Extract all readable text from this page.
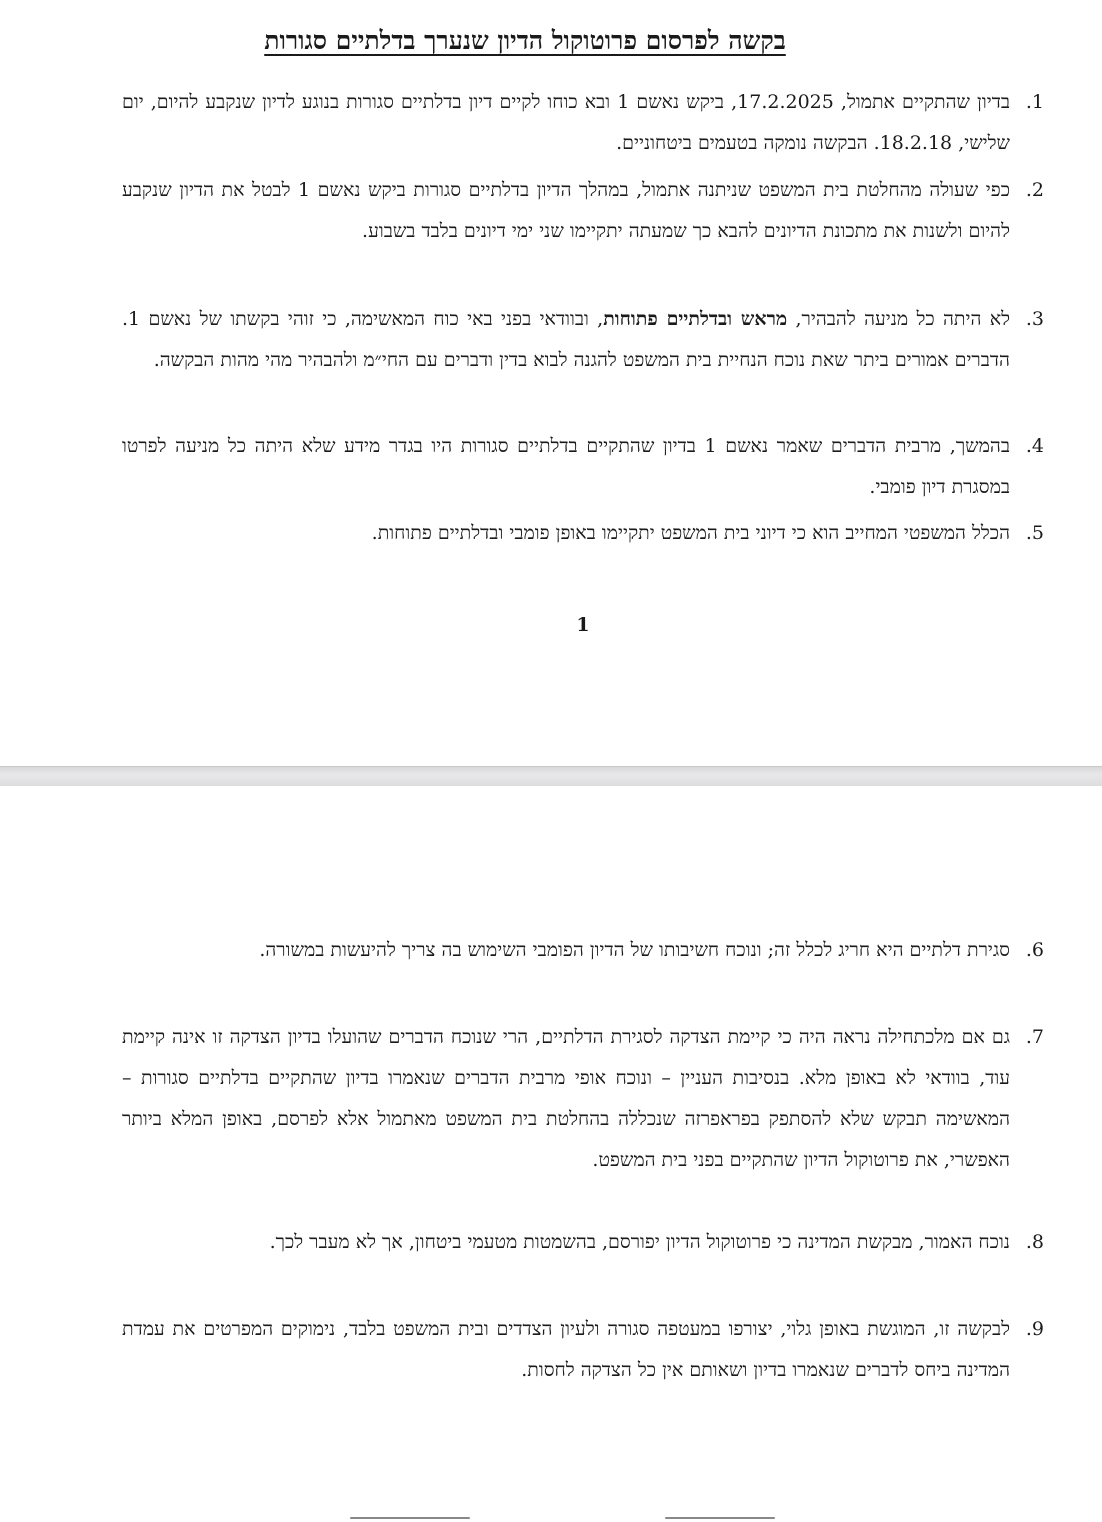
בקשה לפרסום פרוטוקול הדיון שנערך בדלתיים סגורות
1.
בדיון שהתקיים אתמול, 17.2.2025, ביקש נאשם 1 ובא כוחו לקיים דיון בדלתיים סגורות בנוגע לדיון שנקבע להיום, יום שלישי, 18.2.18. הבקשה נומקה בטעמים ביטחוניים.
2.
כפי שעולה מהחלטת בית המשפט שניתנה אתמול, במהלך הדיון בדלתיים סגורות ביקש נאשם 1 לבטל את הדיון שנקבע להיום ולשנות את מתכונת הדיונים להבא כך שמעתה יתקיימו שני ימי דיונים בלבד בשבוע.
3.
לא היתה כל מניעה להבהיר, מראש ובדלתיים פתוחות, ובוודאי בפני באי כוח המאשימה, כי זוהי בקשתו של נאשם 1. הדברים אמורים ביתר שאת נוכח הנחיית בית המשפט להגנה לבוא בדין ודברים עם החי״מ ולהבהיר מהי מהות הבקשה.
4.
בהמשך, מרבית הדברים שאמר נאשם 1 בדיון שהתקיים בדלתיים סגורות היו בגדר מידע שלא היתה כל מניעה לפרטו במסגרת דיון פומבי.
5.
הכלל המשפטי המחייב הוא כי דיוני בית המשפט יתקיימו באופן פומבי ובדלתיים פתוחות.
1
6.
סגירת דלתיים היא חריג לכלל זה; ונוכח חשיבותו של הדיון הפומבי השימוש בה צריך להיעשות במשורה.
7.
גם אם מלכתחילה נראה היה כי קיימת הצדקה לסגירת הדלתיים, הרי שנוכח הדברים שהועלו בדיון הצדקה זו אינה קיימת עוד, בוודאי לא באופן מלא. בנסיבות העניין – ונוכח אופי מרבית הדברים שנאמרו בדיון שהתקיים בדלתיים סגורות – המאשימה תבקש שלא להסתפק בפראפרזה שנכללה בהחלטת בית המשפט מאתמול אלא לפרסם, באופן המלא ביותר האפשרי, את פרוטוקול הדיון שהתקיים בפני בית המשפט.
8.
נוכח האמור, מבקשת המדינה כי פרוטוקול הדיון יפורסם, בהשמטות מטעמי ביטחון, אך לא מעבר לכך.
9.
לבקשה זו, המוגשת באופן גלוי, יצורפו במעטפה סגורה ולעיון הצדדים ובית המשפט בלבד, נימוקים המפרטים את עמדת המדינה ביחס לדברים שנאמרו בדיון ושאותם אין כל הצדקה לחסות.
